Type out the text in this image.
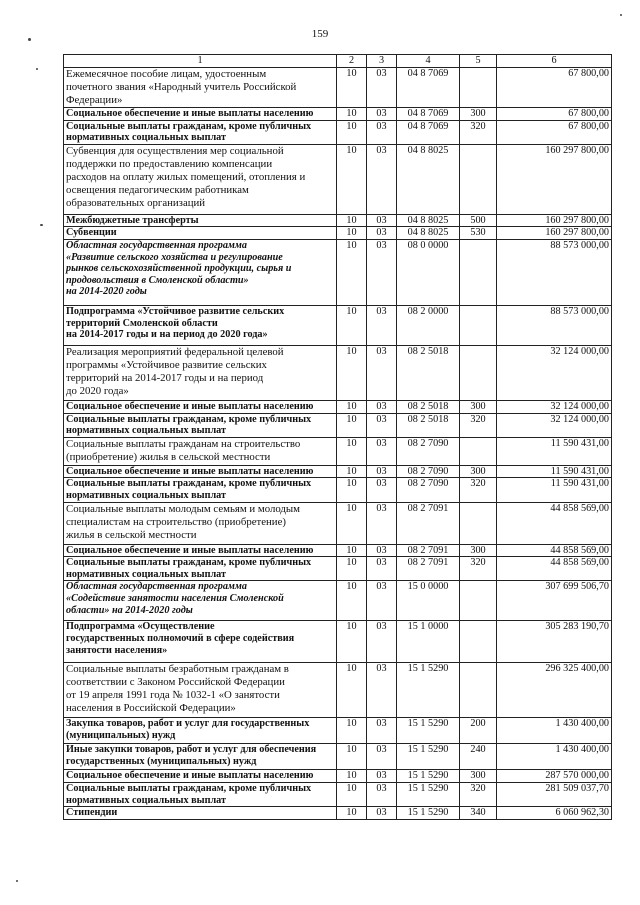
159
1	2	3	4	5	6
Ежемесячное пособие лицам, удостоенным
почетного звания «Народный учитель Российской
Федерации»	10	03	04 8 7069		67 800,00
Социальное обеспечение и иные выплаты населению	10	03	04 8 7069	300	67 800,00
Социальные выплаты гражданам, кроме публичных
нормативных социальных выплат	10	03	04 8 7069	320	67 800,00
Субвенция для осуществления мер социальной
поддержки по предоставлению компенсации
расходов на оплату жилых помещений, отопления и
освещения педагогическим работникам
образовательных организаций	10	03	04 8 8025		160 297 800,00
Межбюджетные трансферты	10	03	04 8 8025	500	160 297 800,00
Субвенции	10	03	04 8 8025	530	160 297 800,00
Областная государственная программа
«Развитие сельского хозяйства и регулирование
рынков сельскохозяйственной продукции, сырья и
продовольствия в Смоленской области»
на 2014-2020 годы	10	03	08 0 0000		88 573 000,00
Подпрограмма «Устойчивое развитие сельских
территорий Смоленской области
на 2014-2017 годы и на период до 2020 года»	10	03	08 2 0000		88 573 000,00
Реализация мероприятий федеральной целевой
программы «Устойчивое развитие сельских
территорий на 2014-2017 годы и на период
до 2020 года»	10	03	08 2 5018		32 124 000,00
Социальное обеспечение и иные выплаты населению	10	03	08 2 5018	300	32 124 000,00
Социальные выплаты гражданам, кроме публичных
нормативных социальных выплат	10	03	08 2 5018	320	32 124 000,00
Социальные выплаты гражданам на строительство
(приобретение) жилья в сельской местности	10	03	08 2 7090		11 590 431,00
Социальное обеспечение и иные выплаты населению	10	03	08 2 7090	300	11 590 431,00
Социальные выплаты гражданам, кроме публичных
нормативных социальных выплат	10	03	08 2 7090	320	11 590 431,00
Социальные выплаты молодым семьям и молодым
специалистам на строительство (приобретение)
жилья в сельской местности	10	03	08 2 7091		44 858 569,00
Социальное обеспечение и иные выплаты населению	10	03	08 2 7091	300	44 858 569,00
Социальные выплаты гражданам, кроме публичных
нормативных социальных выплат	10	03	08 2 7091	320	44 858 569,00
Областная государственная программа
«Содействие занятости населения Смоленской
области» на 2014-2020 годы	10	03	15 0 0000		307 699 506,70
Подпрограмма «Осуществление
государственных полномочий в сфере содействия
занятости населения»	10	03	15 1 0000		305 283 190,70
Социальные выплаты безработным гражданам в
соответствии с Законом Российской Федерации
от 19 апреля 1991 года № 1032-1 «О занятости
населения в Российской Федерации»	10	03	15 1 5290		296 325 400,00
Закупка товаров, работ и услуг для государственных
(муниципальных) нужд	10	03	15 1 5290	200	1 430 400,00
Иные закупки товаров, работ и услуг для обеспечения
государственных (муниципальных) нужд	10	03	15 1 5290	240	1 430 400,00
Социальное обеспечение и иные выплаты населению	10	03	15 1 5290	300	287 570 000,00
Социальные выплаты гражданам, кроме публичных
нормативных социальных выплат	10	03	15 1 5290	320	281 509 037,70
Стипендии	10	03	15 1 5290	340	6 060 962,30
